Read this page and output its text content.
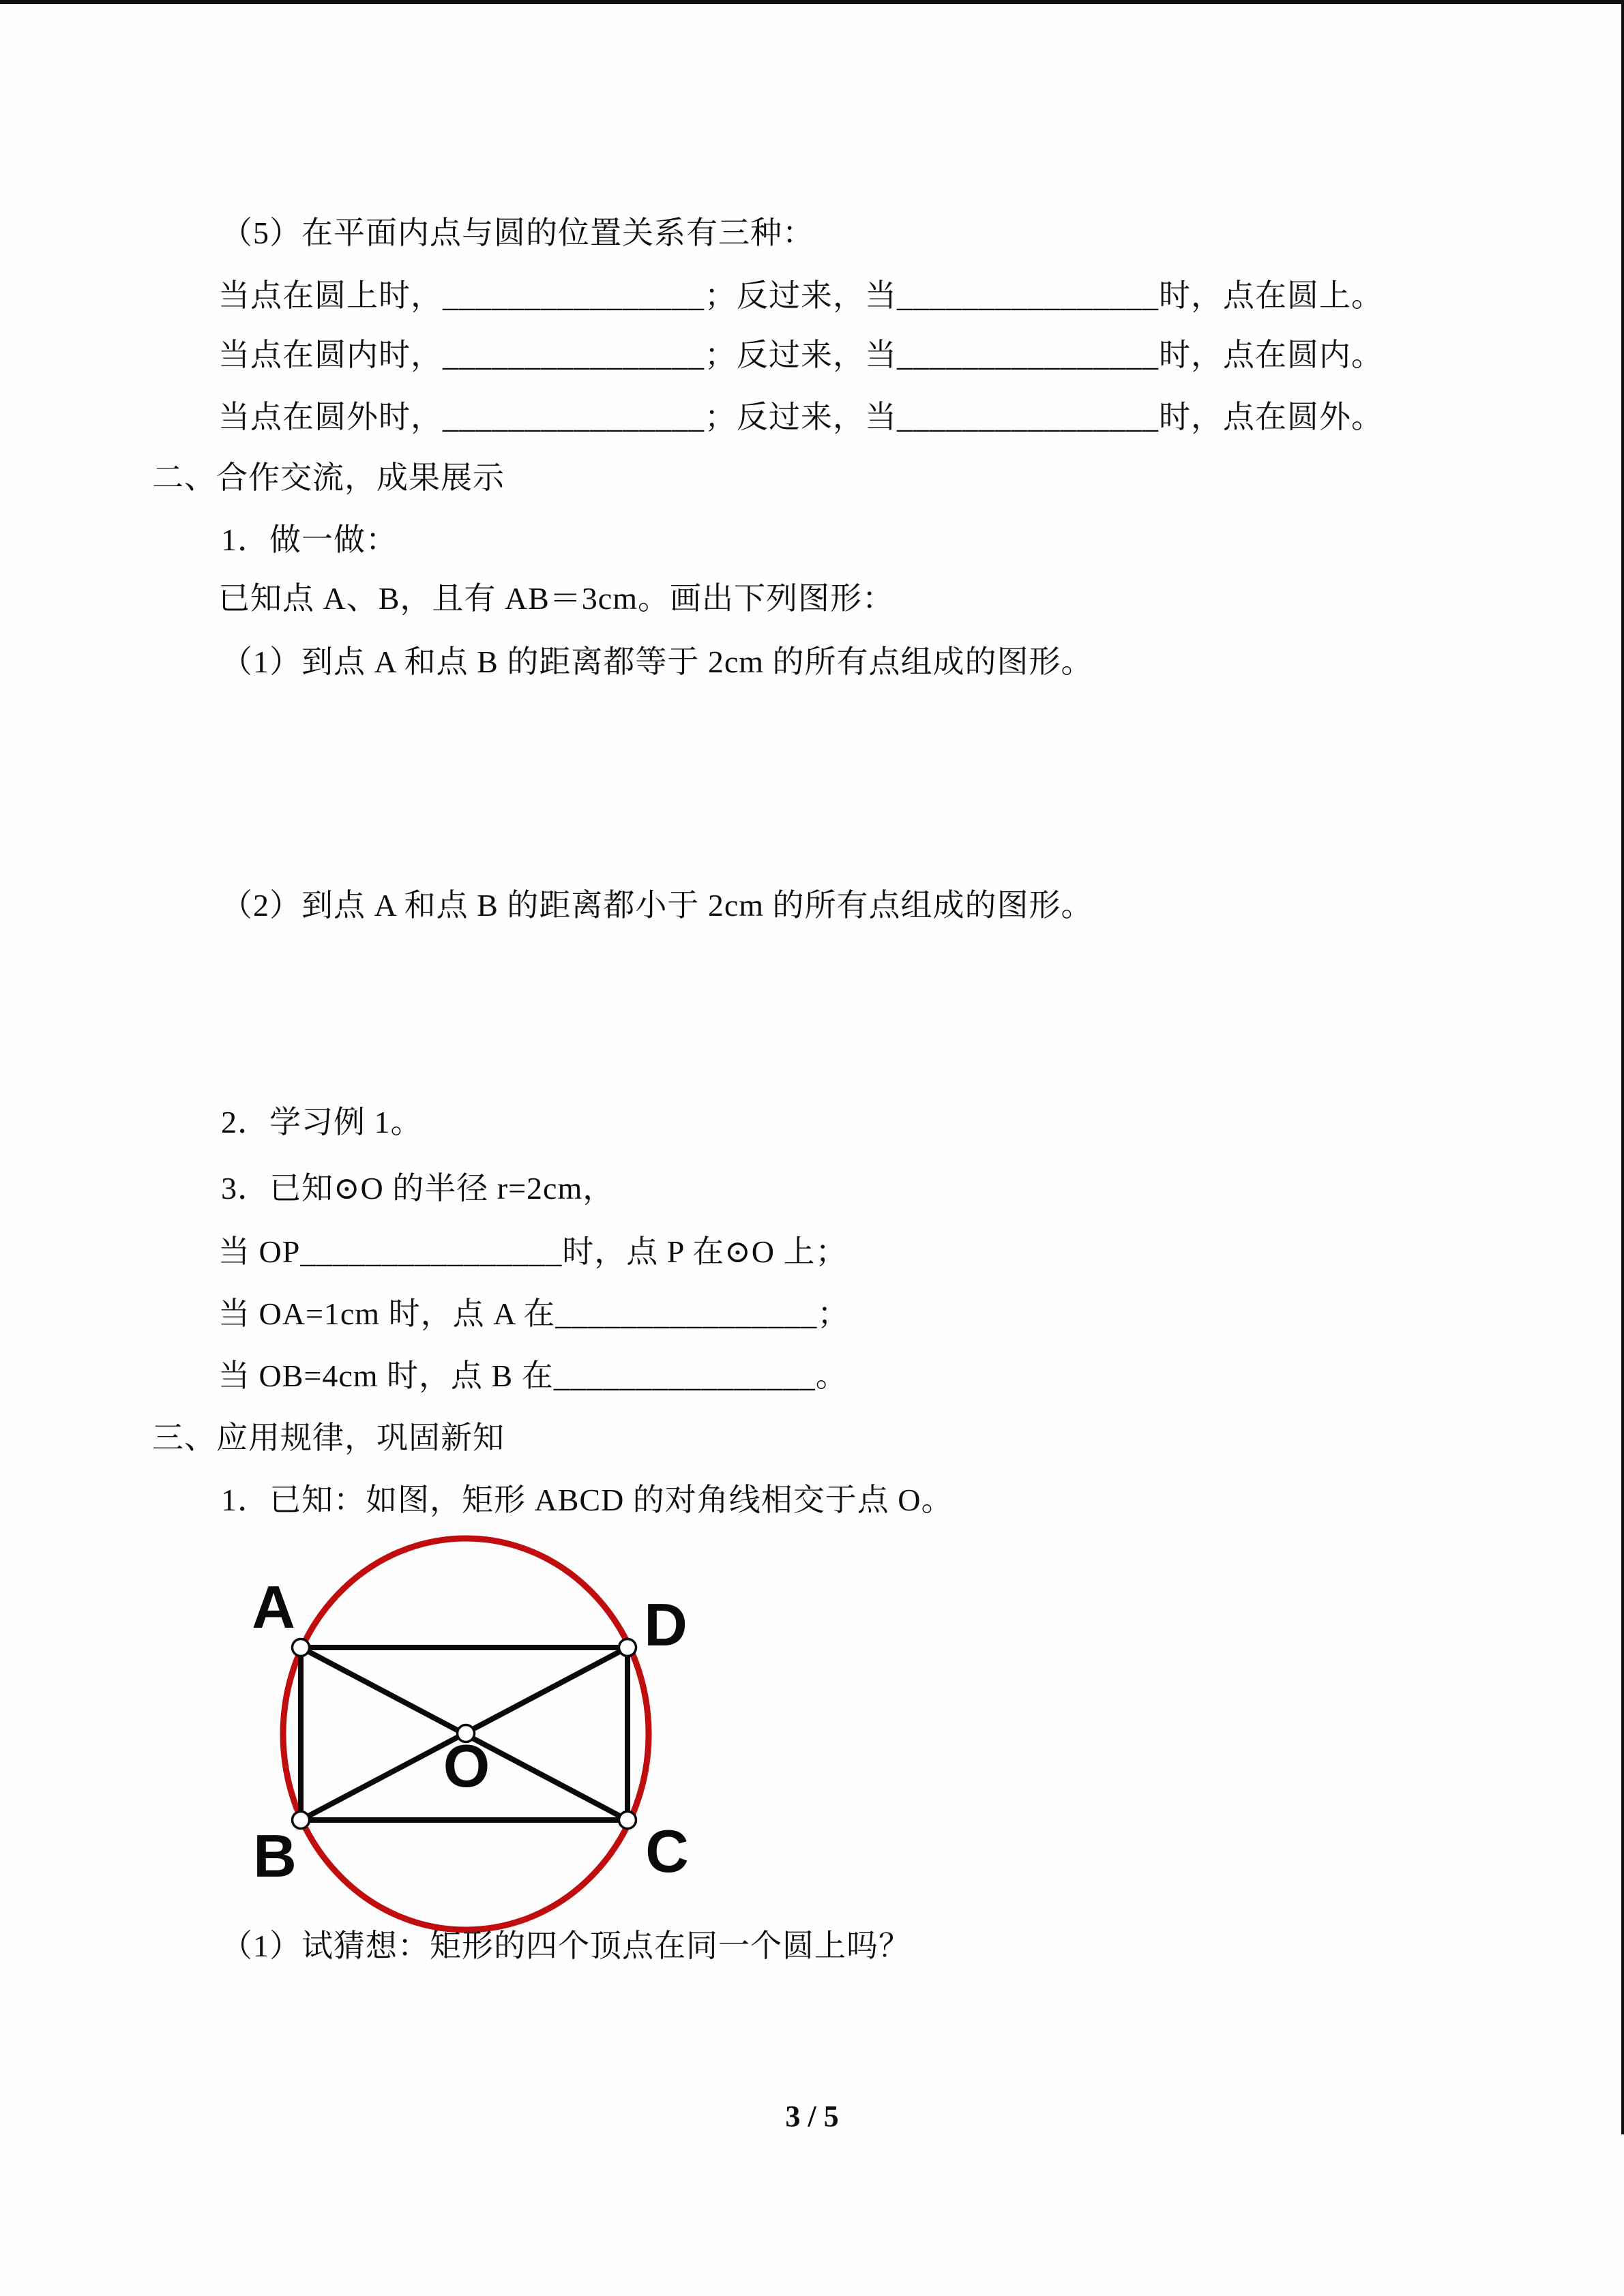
（5）在平面内点与圆的位置关系有三种：
当点在圆上时，________________；反过来，当________________时，点在圆上。
当点在圆内时，________________；反过来，当________________时，点在圆内。
当点在圆外时，________________；反过来，当________________时，点在圆外。
二、合作交流，成果展示
1．做一做：
已知点 A、B，且有 AB＝3cm。画出下列图形：
（1）到点 A 和点 B 的距离都等于 2cm 的所有点组成的图形。
（2）到点 A 和点 B 的距离都小于 2cm 的所有点组成的图形。
2．学习例 1。
3．已知⊙O 的半径 r=2cm，
当 OP________________时，点 P 在⊙O 上；
当 OA=1cm 时，点 A 在________________；
当 OB=4cm 时，点 B 在________________。
三、应用规律，巩固新知
1．已知：如图，矩形 ABCD 的对角线相交于点 O。
A	D
B	C
O
（1）试猜想：矩形的四个顶点在同一个圆上吗？
3 / 5
